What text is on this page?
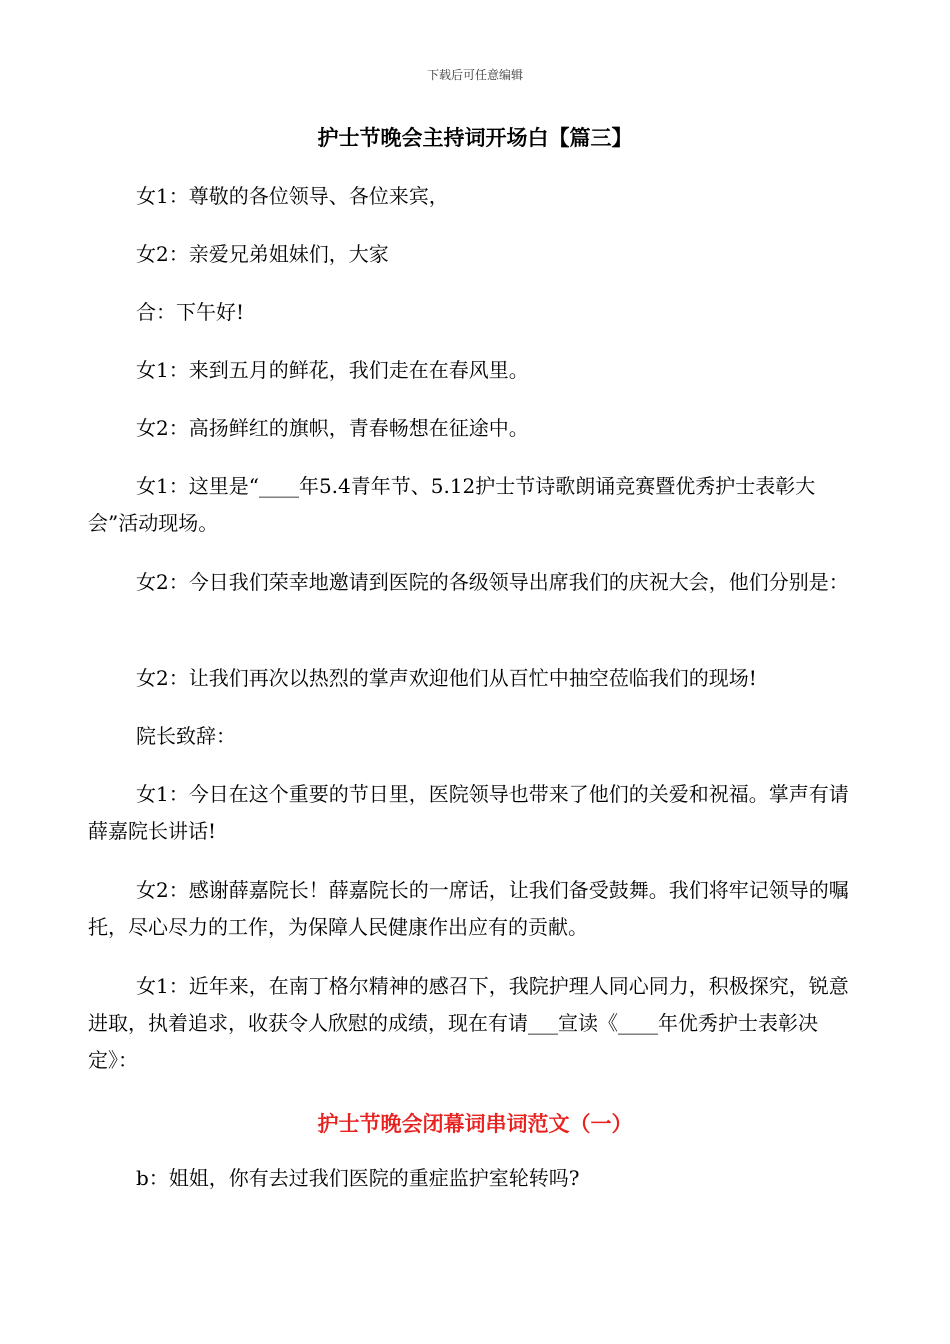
下载后可任意编辑
护士节晚会主持词开场白【篇三】

女1：尊敬的各位领导、各位来宾，

女2：亲爱兄弟姐妹们，大家

合：下午好!

女1：来到五月的鲜花，我们走在在春风里。

女2：高扬鲜红的旗帜，青春畅想在征途中。

女1：这里是“____年5.4青年节、5.12护士节诗歌朗诵竞赛暨优秀护士表彰大会”活动现场。

女2：今日我们荣幸地邀请到医院的各级领导出席我们的庆祝大会，他们分别是：

女2：让我们再次以热烈的掌声欢迎他们从百忙中抽空莅临我们的现场!

院长致辞：

女1：今日在这个重要的节日里，医院领导也带来了他们的关爱和祝福。掌声有请薛嘉院长讲话!

女2：感谢薛嘉院长！薛嘉院长的一席话，让我们备受鼓舞。我们将牢记领导的嘱托，尽心尽力的工作，为保障人民健康作出应有的贡献。

女1：近年来，在南丁格尔精神的感召下，我院护理人同心同力，积极探究，锐意进取，执着追求，收获令人欣慰的成绩，现在有请___宣读《____年优秀护士表彰决定》：

护士节晚会闭幕词串词范文（一）

b：姐姐，你有去过我们医院的重症监护室轮转吗?
